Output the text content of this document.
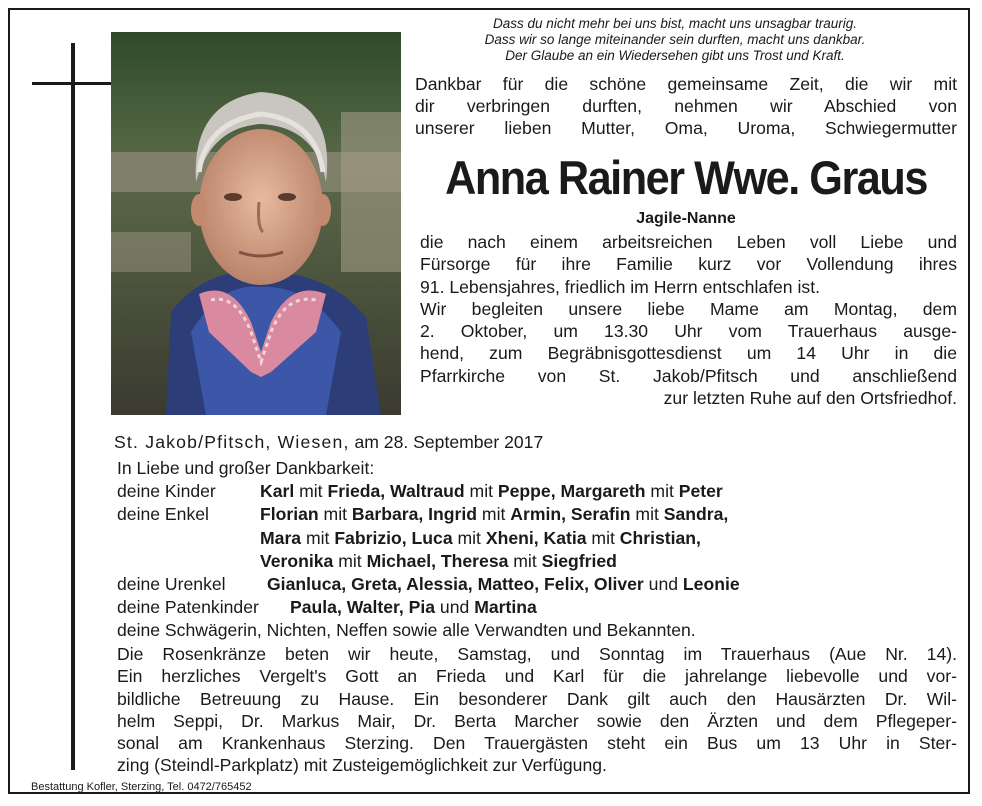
Dass du nicht mehr bei uns bist, macht uns unsagbar traurig.
Dass wir so lange miteinander sein durften, macht uns dankbar.
Der Glaube an ein Wiedersehen gibt uns Trost und Kraft.
Dankbar für die schöne gemeinsame Zeit, die wir mit
dir verbringen durften, nehmen wir Abschied von
unserer lieben Mutter, Oma, Uroma, Schwiegermutter
Anna Rainer Wwe. Graus
Jagile-Nanne
die nach einem arbeitsreichen Leben voll Liebe und
Fürsorge für ihre Familie kurz vor Vollendung ihres
91. Lebensjahres, friedlich im Herrn entschlafen ist.
Wir begleiten unsere liebe Mame am Montag, dem
2. Oktober, um 13.30 Uhr vom Trauerhaus ausge-
hend, zum Begräbnisgottesdienst um 14 Uhr in die
Pfarrkirche von St. Jakob/Pfitsch und anschließend
zur letzten Ruhe auf den Ortsfriedhof.
St. Jakob/Pfitsch, Wiesen, am 28. September 2017
In Liebe und großer Dankbarkeit:
deine Kinder	Karl mit Frieda, Waltraud mit Peppe, Margareth mit Peter
deine Enkel	Florian mit Barbara, Ingrid mit Armin, Serafin mit Sandra,
Mara mit Fabrizio, Luca mit Xheni, Katia mit Christian,
Veronika mit Michael, Theresa mit Siegfried
deine Urenkel Gianluca, Greta, Alessia, Matteo, Felix, Oliver und Leonie
deine Patenkinder Paula, Walter, Pia und Martina
deine Schwägerin, Nichten, Neffen sowie alle Verwandten und Bekannten.
Die Rosenkränze beten wir heute, Samstag, und Sonntag im Trauerhaus (Aue Nr. 14).
Ein herzliches Vergelt's Gott an Frieda und Karl für die jahrelange liebevolle und vor-
bildliche Betreuung zu Hause. Ein besonderer Dank gilt auch den Hausärzten Dr. Wil-
helm Seppi, Dr. Markus Mair, Dr. Berta Marcher sowie den Ärzten und dem Pflegeper-
sonal am Krankenhaus Sterzing. Den Trauergästen steht ein Bus um 13 Uhr in Ster-
zing (Steindl-Parkplatz) mit Zusteigemöglichkeit zur Verfügung.
Bestattung Kofler, Sterzing, Tel. 0472/765452
